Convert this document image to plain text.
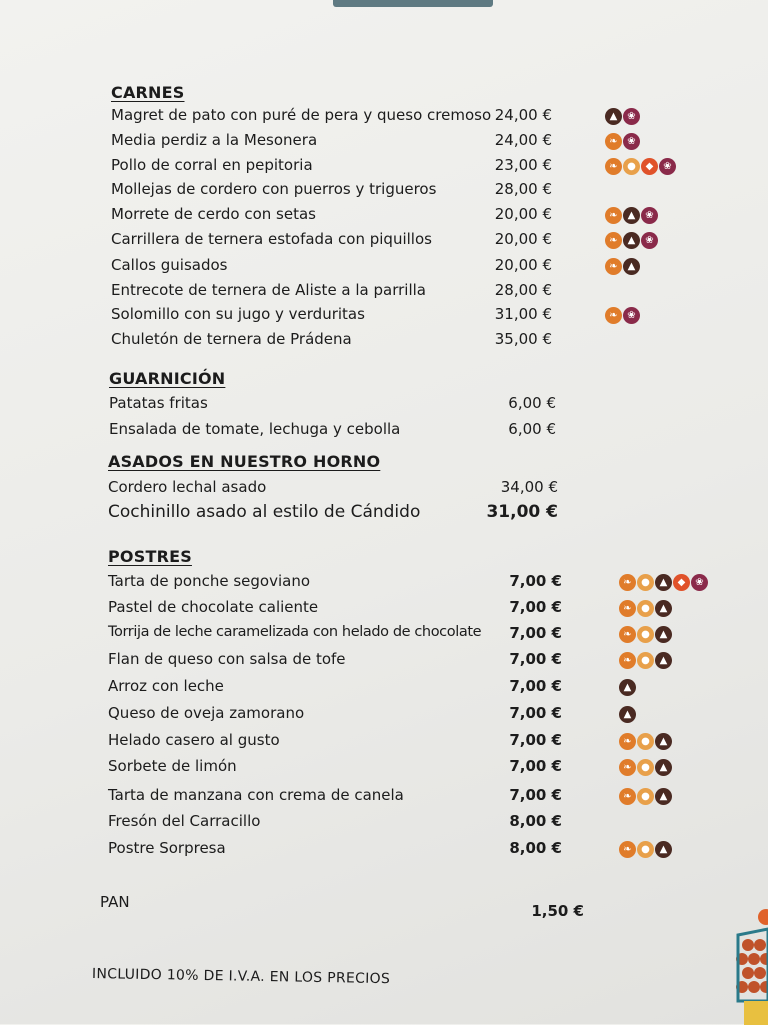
CARNES
Magret de pato con puré de pera y queso cremoso 24,00 €	▲ ❀
Media perdiz a la Mesonera	24,00 €	❧ ❀
Pollo de corral en pepitoria	23,00 €	❧ ● ◆ ❀
Mollejas de cordero con puerros y trigueros	28,00 €
Morrete de cerdo con setas	20,00 €	❧ ▲ ❀
Carrillera de ternera estofada con piquillos	20,00 €	❧ ▲ ❀
Callos guisados	20,00 €	❧ ▲
Entrecote de ternera de Aliste a la parrilla	28,00 €
Solomillo con su jugo y verduritas	31,00 €	❧ ❀
Chuletón de ternera de Prádena	35,00 €
GUARNICIÓN
Patatas fritas	6,00 €
Ensalada de tomate, lechuga y cebolla	6,00 €
ASADOS EN NUESTRO HORNO
Cordero lechal asado	34,00 €
Cochinillo asado al estilo de Cándido	31,00 €
POSTRES
Tarta de ponche segoviano	7,00 €	❧ ● ▲	◆ ❀
Pastel de chocolate caliente	7,00 €	❧ ● ▲
Torrija de leche caramelizada con helado de chocolate	7,00 €	❧ ● ▲
Flan de queso con salsa de tofe	7,00 €	❧ ● ▲
Arroz con leche	7,00 €	▲
Queso de oveja zamorano	7,00 €	▲
Helado casero al gusto	7,00 €	❧ ● ▲
Sorbete de limón	7,00 €	❧ ● ▲
Tarta de manzana con crema de canela	7,00 €	❧ ● ▲
Fresón del Carracillo	8,00 €
Postre Sorpresa	8,00 €	❧ ● ▲
PAN	1,50 €
INCLUIDO 10% DE I.V.A. EN LOS PRECIOS
